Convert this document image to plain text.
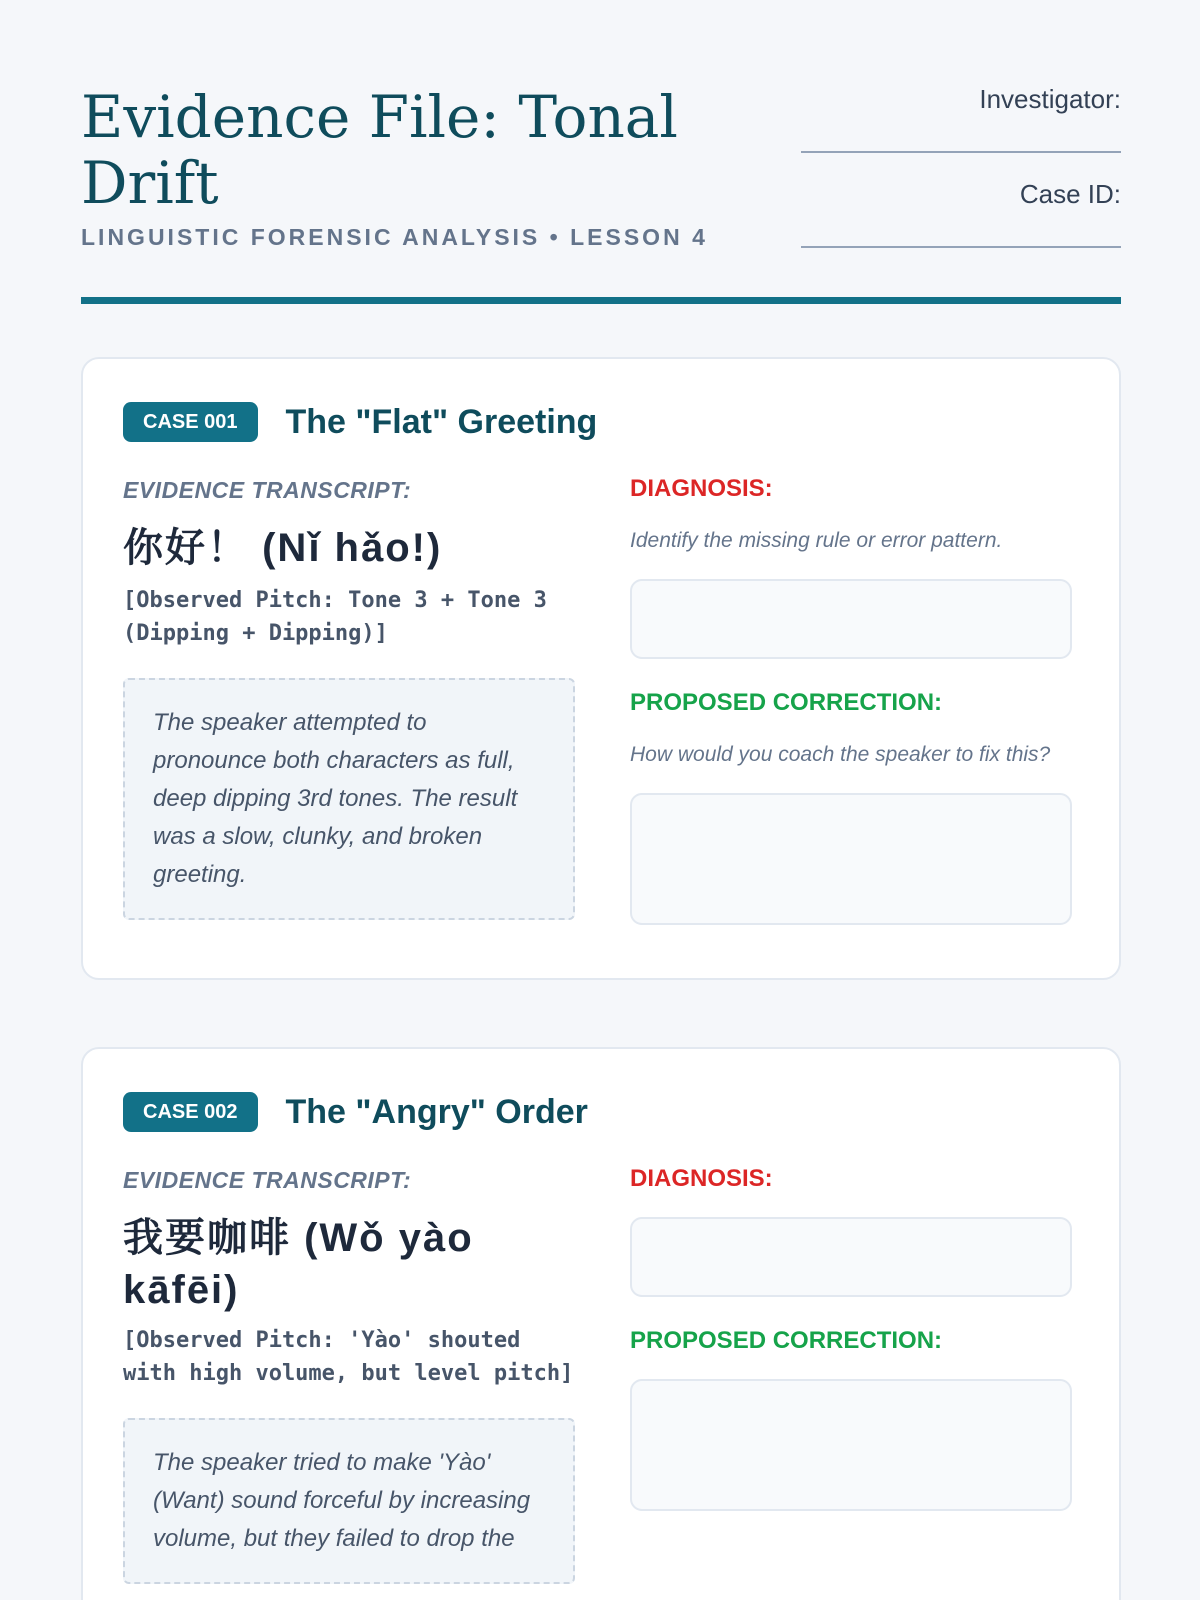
Evidence File: Tonal Drift
LINGUISTIC FORENSIC ANALYSIS • LESSON 4
Investigator:
Case ID:
CASE 001	The "Flat" Greeting
EVIDENCE TRANSCRIPT:
你好！ (Nǐ hǎo!)
[Observed Pitch: Tone 3 + Tone 3 (Dipping + Dipping)]
The speaker attempted to pronounce both characters as full, deep dipping 3rd tones. The result was a slow, clunky, and broken greeting.
DIAGNOSIS:
Identify the missing rule or error pattern.
PROPOSED CORRECTION:
How would you coach the speaker to fix this?
CASE 002	The "Angry" Order
EVIDENCE TRANSCRIPT:
我要咖啡 (Wǒ yào kāfēi)
[Observed Pitch: 'Yào' shouted with high volume, but level pitch]
The speaker tried to make 'Yào' (Want) sound forceful by increasing volume, but they failed to drop the
DIAGNOSIS:
PROPOSED CORRECTION:
